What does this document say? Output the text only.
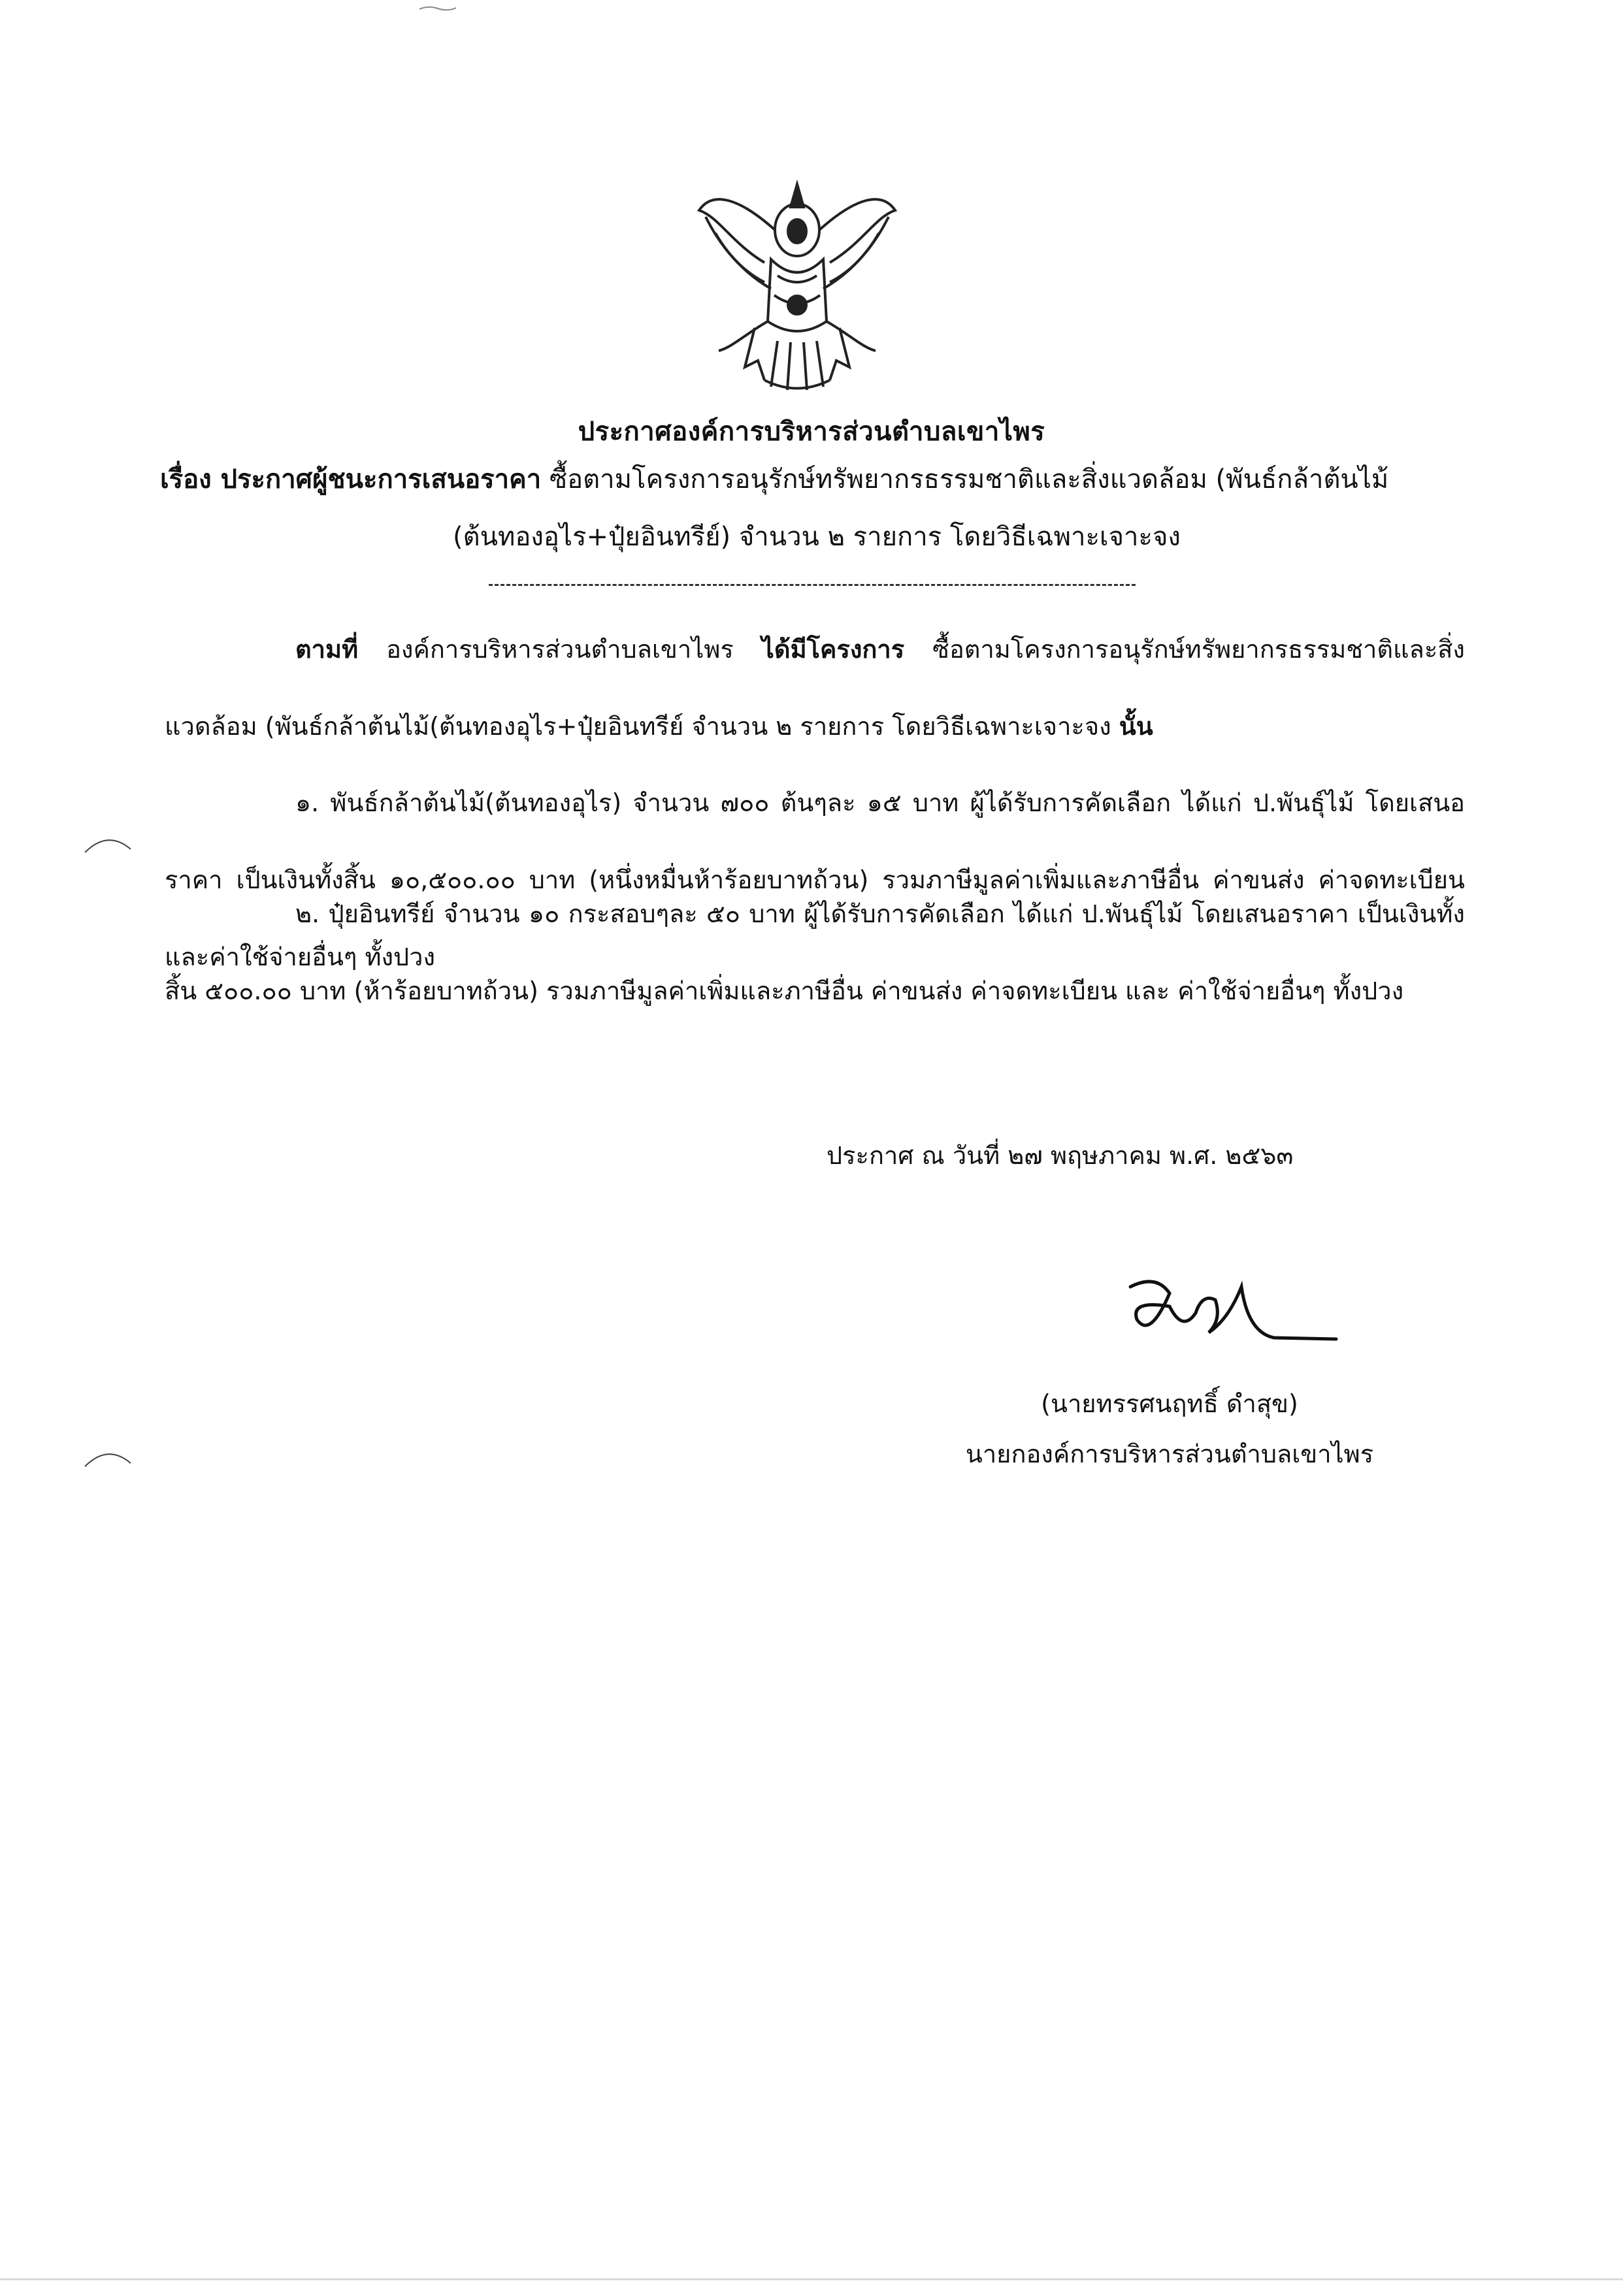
ประกาศองค์การบริหารส่วนตำบลเขาไพร
เรื่อง ประกาศผู้ชนะการเสนอราคา ซื้อตามโครงการอนุรักษ์ทรัพยากรธรรมชาติและสิ่งแวดล้อม (พันธ์กล้าต้นไม้
(ต้นทองอุไร+ปุ๋ยอินทรีย์) จำนวน ๒ รายการ โดยวิธีเฉพาะเจาะจง
ตามที่ องค์การบริหารส่วนตำบลเขาไพร ได้มีโครงการ ซื้อตามโครงการอนุรักษ์ทรัพยากรธรรมชาติและสิ่งแวดล้อม (พันธ์กล้าต้นไม้(ต้นทองอุไร+ปุ๋ยอินทรีย์ จำนวน ๒ รายการ โดยวิธีเฉพาะเจาะจง นั้น
๑. พันธ์กล้าต้นไม้(ต้นทองอุไร) จำนวน ๗๐๐ ต้นๆละ ๑๕ บาท ผู้ได้รับการคัดเลือก ได้แก่ ป.พันธุ์ไม้ โดยเสนอราคา เป็นเงินทั้งสิ้น ๑๐,๕๐๐.๐๐ บาท (หนึ่งหมื่นห้าร้อยบาทถ้วน) รวมภาษีมูลค่าเพิ่มและภาษีอื่น ค่าขนส่ง ค่าจดทะเบียน และค่าใช้จ่ายอื่นๆ ทั้งปวง
๒. ปุ๋ยอินทรีย์ จำนวน ๑๐ กระสอบๆละ ๕๐ บาท ผู้ได้รับการคัดเลือก ได้แก่ ป.พันธุ์ไม้ โดยเสนอราคา เป็นเงินทั้งสิ้น ๕๐๐.๐๐ บาท (ห้าร้อยบาทถ้วน) รวมภาษีมูลค่าเพิ่มและภาษีอื่น ค่าขนส่ง ค่าจดทะเบียน และ ค่าใช้จ่ายอื่นๆ ทั้งปวง
ประกาศ ณ วันที่ ๒๗ พฤษภาคม พ.ศ. ๒๕๖๓
(นายทรรศนฤทธิ์ ดำสุข)
นายกองค์การบริหารส่วนตำบลเขาไพร
